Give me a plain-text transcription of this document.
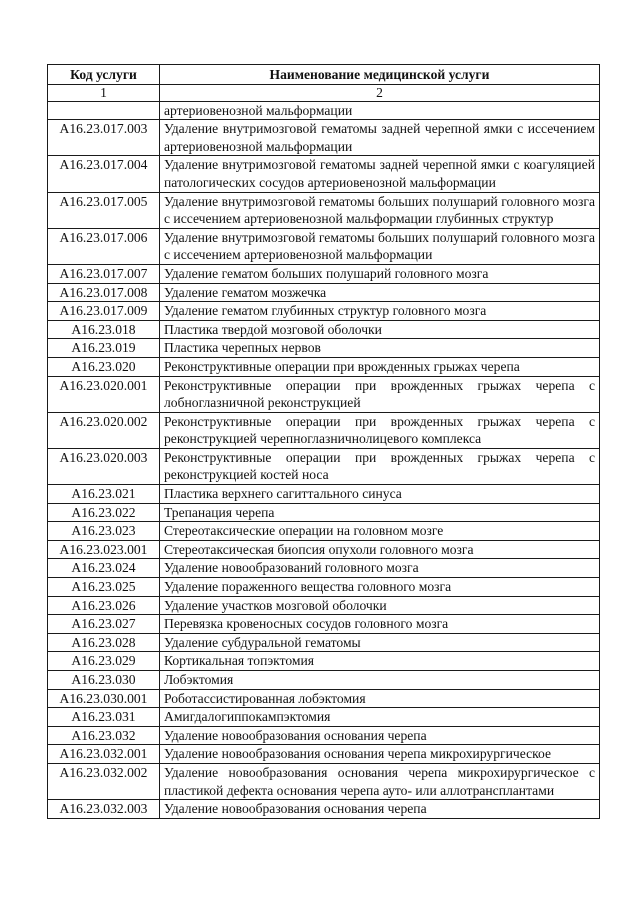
Код услуги	Наименование медицинской услуги
1	2
	артериовенозной мальформации
A16.23.017.003	Удаление внутримозговой гематомы задней черепной ямки с иссечением артериовенозной мальформации
A16.23.017.004	Удаление внутримозговой гематомы задней черепной ямки с коагуляцией патологических сосудов артериовенозной мальформации
A16.23.017.005	Удаление внутримозговой гематомы больших полушарий головного мозга с иссечением артериовенозной мальформации глубинных структур
A16.23.017.006	Удаление внутримозговой гематомы больших полушарий головного мозга с иссечением артериовенозной мальформации
A16.23.017.007	Удаление гематом больших полушарий головного мозга
A16.23.017.008	Удаление гематом мозжечка
A16.23.017.009	Удаление гематом глубинных структур головного мозга
A16.23.018	Пластика твердой мозговой оболочки
A16.23.019	Пластика черепных нервов
A16.23.020	Реконструктивные операции при врожденных грыжах черепа
A16.23.020.001	Реконструктивные операции при врожденных грыжах черепа с лобноглазничной реконструкцией
A16.23.020.002	Реконструктивные операции при врожденных грыжах черепа с реконструкцией черепноглазничнолицевого комплекса
A16.23.020.003	Реконструктивные операции при врожденных грыжах черепа с реконструкцией костей носа
A16.23.021	Пластика верхнего сагиттального синуса
A16.23.022	Трепанация черепа
A16.23.023	Стереотаксические операции на головном мозге
A16.23.023.001	Стереотаксическая биопсия опухоли головного мозга
A16.23.024	Удаление новообразований головного мозга
A16.23.025	Удаление пораженного вещества головного мозга
A16.23.026	Удаление участков мозговой оболочки
A16.23.027	Перевязка кровеносных сосудов головного мозга
A16.23.028	Удаление субдуральной гематомы
A16.23.029	Кортикальная топэктомия
A16.23.030	Лобэктомия
A16.23.030.001	Роботассистированная лобэктомия
A16.23.031	Амигдалогиппокампэктомия
A16.23.032	Удаление новообразования основания черепа
A16.23.032.001	Удаление новообразования основания черепа микрохирургическое
A16.23.032.002	Удаление новообразования основания черепа микрохирургическое с пластикой дефекта основания черепа ауто- или аллотрансплантами
A16.23.032.003	Удаление новообразования основания черепа
